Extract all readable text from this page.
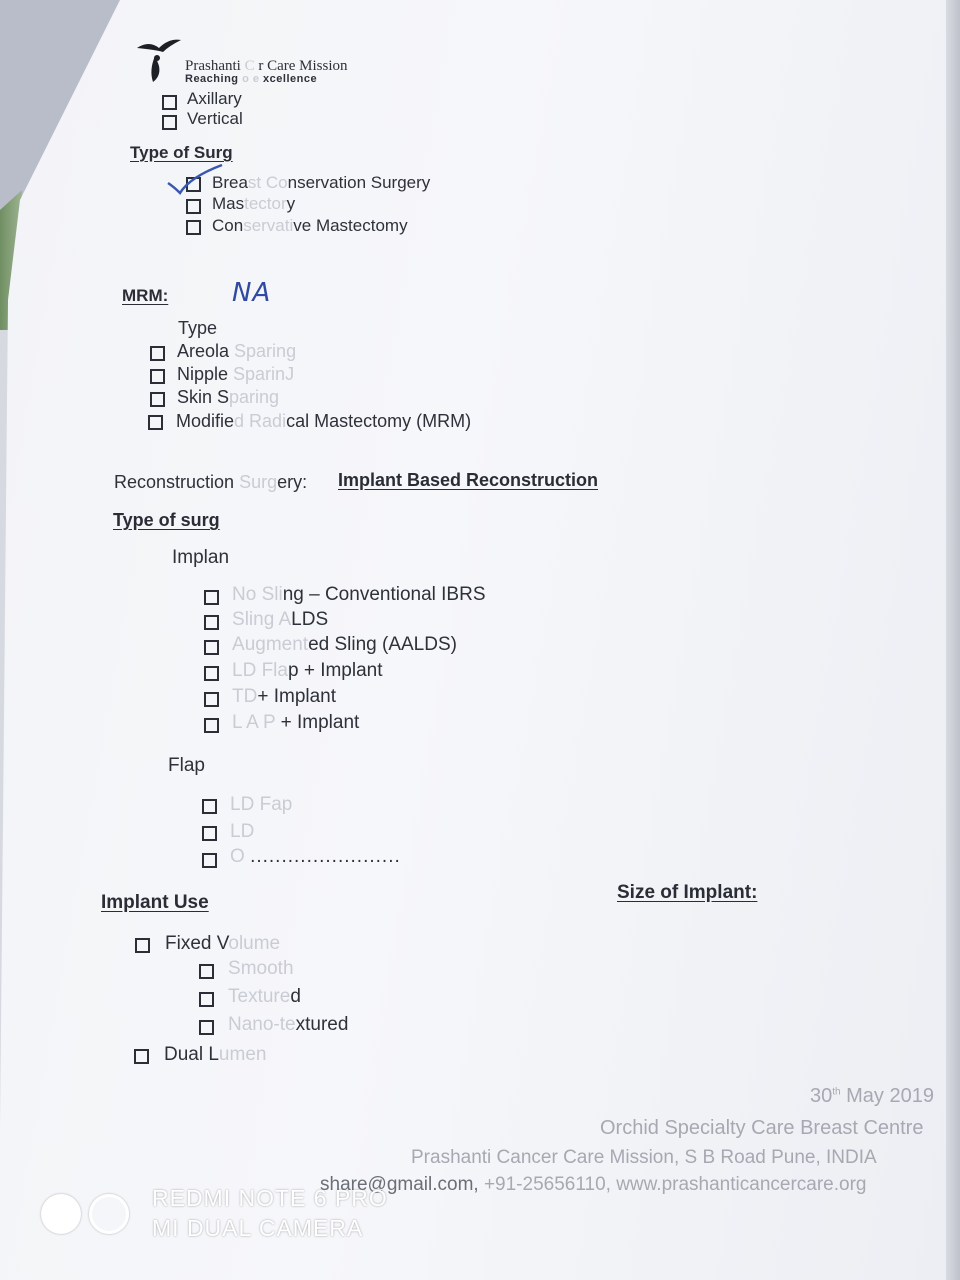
Prashanti C r Care Mission
Reaching o e xcellence
Axillary
Vertical
Type of Surg
Breast Conservation Surgery
Mastectory
Conservative Mastectomy
MRM: NA
Type
Areola Sparing
Nipple SparinJ
Skin Sparing
Modified Radical Mastectomy (MRM)
Reconstruction Surgery: Implant Based Reconstruction
Type of surg
Implan
No Sling – Conventional IBRS
Sling ALDS
Augmented Sling (AALDS)
LD Flap + Implant
TD+ Implant
L A P + Implant
Flap
LD Fap
LD
O ........................
Implant Use	Size of Implant:
Fixed Volume
Smooth
Textured
Nano-textured
Dual Lumen
30th May 2019
Orchid Specialty Care Breast Centre
Prashanti Cancer Care Mission, S B Road Pune, INDIA
share@gmail.com, +91-25656110, www.prashanticancercare.org
REDMI NOTE 6 PRO
MI DUAL CAMERA
